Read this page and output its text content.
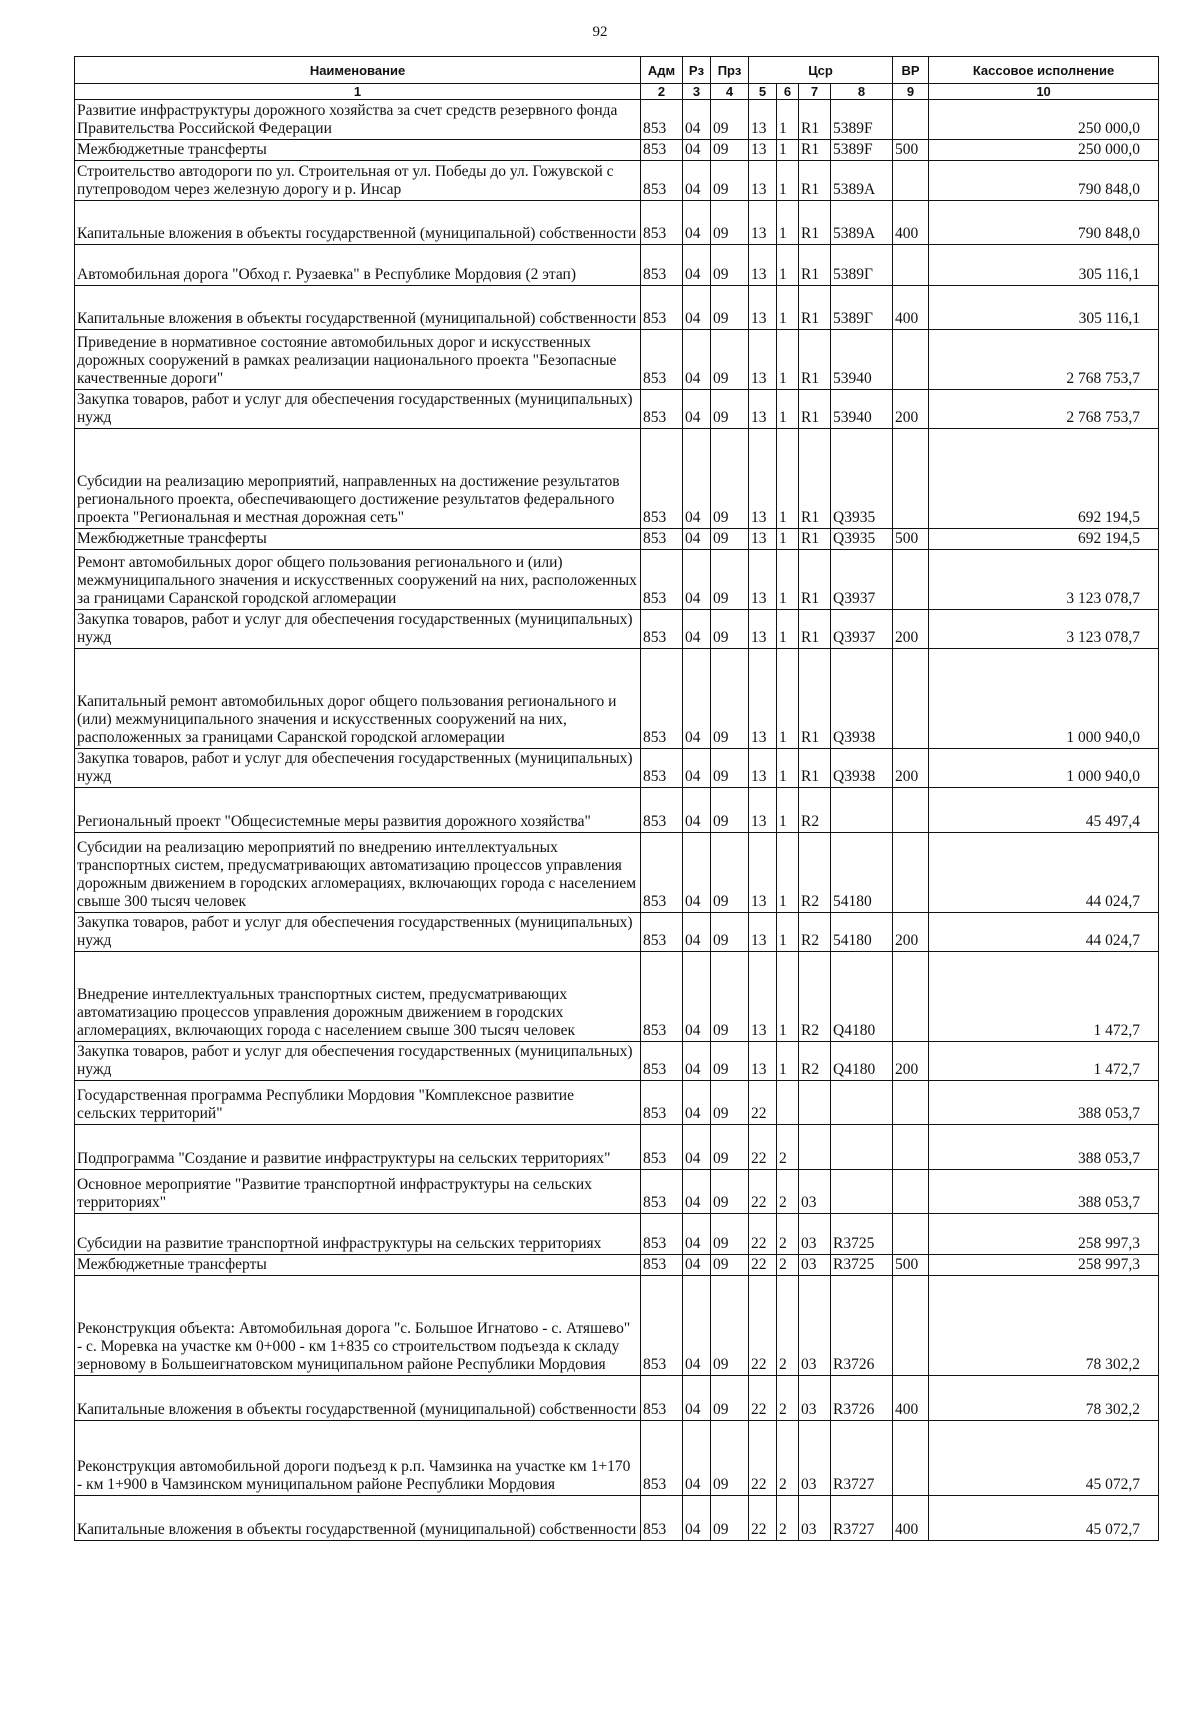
92
Наименование	Адм	Рз	Прз	Цср				ВР	Кассовое исполнение
1	2	3	4	5	6	7	8	9	10
Развитие инфраструктуры дорожного хозяйства за счет средств резервного фонда Правительства Российской Федерации	853	04	09	13	1	R1	5389F		250 000,0
Межбюджетные трансферты	853	04	09	13	1	R1	5389F	500	250 000,0
Строительство автодороги по ул. Строительная от ул. Победы до ул. Гожувской с путепроводом через железную дорогу и р. Инсар	853	04	09	13	1	R1	5389A		790 848,0
Капитальные вложения в объекты государственной (муниципальной) собственности	853	04	09	13	1	R1	5389A	400	790 848,0
Автомобильная дорога "Обход г. Рузаевка" в Республике Мордовия (2 этап)	853	04	09	13	1	R1	5389Г		305 116,1
Капитальные вложения в объекты государственной (муниципальной) собственности	853	04	09	13	1	R1	5389Г	400	305 116,1
Приведение в нормативное состояние автомобильных дорог и искусственных дорожных сооружений в рамках реализации национального проекта "Безопасные качественные дороги"	853	04	09	13	1	R1	53940		2 768 753,7
Закупка товаров, работ и услуг для обеспечения государственных (муниципальных) нужд	853	04	09	13	1	R1	53940	200	2 768 753,7
Субсидии на реализацию мероприятий, направленных на достижение результатов регионального проекта, обеспечивающего достижение результатов федерального проекта "Региональная и местная дорожная сеть"	853	04	09	13	1	R1	Q3935		692 194,5
Межбюджетные трансферты	853	04	09	13	1	R1	Q3935	500	692 194,5
Ремонт автомобильных дорог общего пользования регионального и (или) межмуниципального значения и искусственных сооружений на них, расположенных за границами Саранской городской агломерации	853	04	09	13	1	R1	Q3937		3 123 078,7
Закупка товаров, работ и услуг для обеспечения государственных (муниципальных) нужд	853	04	09	13	1	R1	Q3937	200	3 123 078,7
Капитальный ремонт автомобильных дорог общего пользования регионального и (или) межмуниципального значения и искусственных сооружений на них, расположенных за границами Саранской городской агломерации	853	04	09	13	1	R1	Q3938		1 000 940,0
Закупка товаров, работ и услуг для обеспечения государственных (муниципальных) нужд	853	04	09	13	1	R1	Q3938	200	1 000 940,0
Региональный проект "Общесистемные меры развития дорожного хозяйства"	853	04	09	13	1	R2			45 497,4
Субсидии на реализацию мероприятий по внедрению интеллектуальных транспортных систем, предусматривающих автоматизацию процессов управления дорожным движением в городских агломерациях, включающих города с населением свыше 300 тысяч человек	853	04	09	13	1	R2	54180		44 024,7
Закупка товаров, работ и услуг для обеспечения государственных (муниципальных) нужд	853	04	09	13	1	R2	54180	200	44 024,7
Внедрение интеллектуальных транспортных систем, предусматривающих автоматизацию процессов управления дорожным движением в городских агломерациях, включающих города с населением свыше 300 тысяч человек	853	04	09	13	1	R2	Q4180		1 472,7
Закупка товаров, работ и услуг для обеспечения государственных (муниципальных) нужд	853	04	09	13	1	R2	Q4180	200	1 472,7
Государственная программа Республики Мордовия "Комплексное развитие сельских территорий"	853	04	09	22					388 053,7
Подпрограмма "Создание и развитие инфраструктуры на сельских территориях"	853	04	09	22	2				388 053,7
Основное мероприятие "Развитие транспортной инфраструктуры на сельских территориях"	853	04	09	22	2	03			388 053,7
Субсидии на развитие транспортной инфраструктуры на сельских территориях	853	04	09	22	2	03	R3725		258 997,3
Межбюджетные трансферты	853	04	09	22	2	03	R3725	500	258 997,3
Реконструкция объекта: Автомобильная дорога "с. Большое Игнатово - с. Атяшево" - с. Моревка на участке км 0+000 - км 1+835 со строительством подъезда к складу зерновому в Большеигнатовском муниципальном районе Республики Мордовия	853	04	09	22	2	03	R3726		78 302,2
Капитальные вложения в объекты государственной (муниципальной) собственности	853	04	09	22	2	03	R3726	400	78 302,2
Реконструкция автомобильной дороги подъезд к р.п. Чамзинка на участке км 1+170 - км 1+900 в Чамзинском муниципальном районе Республики Мордовия	853	04	09	22	2	03	R3727		45 072,7
Капитальные вложения в объекты государственной (муниципальной) собственности	853	04	09	22	2	03	R3727	400	45 072,7
